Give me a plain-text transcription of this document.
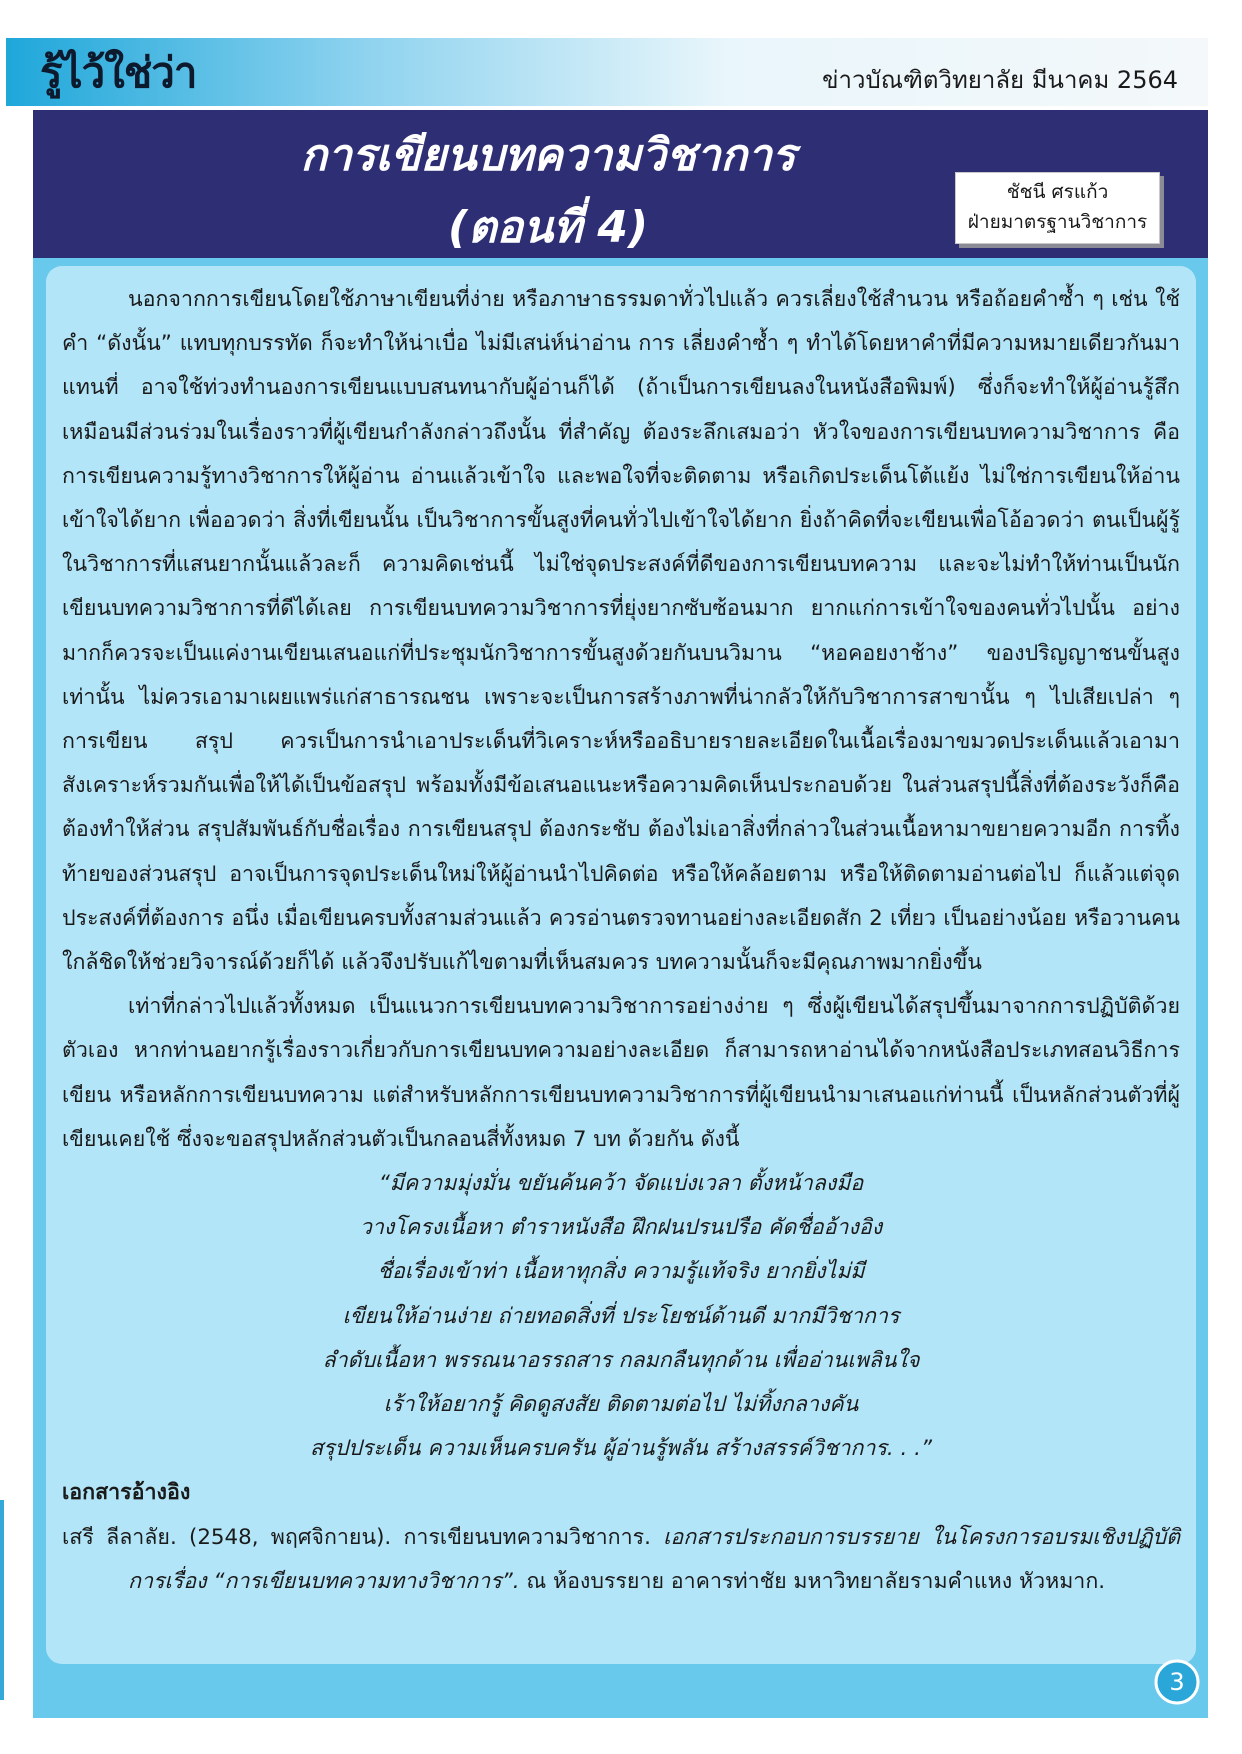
รู้ไว้ใช่ว่า	ข่าวบัณฑิตวิทยาลัย มีนาคม 2564
การเขียนบทความวิชาการ
(ตอนที่ 4)
ชัชนี ศรแก้ว
ฝ่ายมาตรฐานวิชาการ

นอกจากการเขียนโดยใช้ภาษาเขียนที่ง่าย หรือภาษาธรรมดาทั่วไปแล้ว ควรเลี่ยงใช้สำนวน หรือถ้อยคำซ้ำ ๆ เช่น ใช้ คำ “ดังนั้น” แทบทุกบรรทัด ก็จะทำให้น่าเบื่อ ไม่มีเสน่ห์น่าอ่าน การ เลี่ยงคำซ้ำ ๆ ทำได้โดยหาคำที่มีความหมายเดียวกันมาแทนที่ อาจใช้ท่วงทำนองการเขียนแบบสนทนากับผู้อ่านก็ได้ (ถ้าเป็นการเขียนลงในหนังสือพิมพ์) ซึ่งก็จะทำให้ผู้อ่านรู้สึกเหมือนมีส่วนร่วมในเรื่องราวที่ผู้เขียนกำลังกล่าวถึงนั้น ที่สำคัญ ต้องระลึกเสมอว่า หัวใจของการเขียนบทความวิชาการ คือ การเขียนความรู้ทางวิชาการให้ผู้อ่าน อ่านแล้วเข้าใจ และพอใจที่จะติดตาม หรือเกิดประเด็นโต้แย้ง ไม่ใช่การเขียนให้อ่านเข้าใจได้ยาก เพื่ออวดว่า สิ่งที่เขียนนั้น เป็นวิชาการขั้นสูงที่คนทั่วไปเข้าใจได้ยาก ยิ่งถ้าคิดที่จะเขียนเพื่อโอ้อวดว่า ตนเป็นผู้รู้ในวิชาการที่แสนยากนั้นแล้วละก็ ความคิดเช่นนี้ ไม่ใช่จุดประสงค์ที่ดีของการเขียนบทความ และจะไม่ทำให้ท่านเป็นนักเขียนบทความวิชาการที่ดีได้เลย การเขียนบทความวิชาการที่ยุ่งยากซับซ้อนมาก ยากแก่การเข้าใจของคนทั่วไปนั้น อย่างมากก็ควรจะเป็นแค่งานเขียนเสนอแก่ที่ประชุมนักวิชาการขั้นสูงด้วยกันบนวิมาน “หอคอยงาช้าง” ของปริญญาชนขั้นสูงเท่านั้น ไม่ควรเอามาเผยแพร่แก่สาธารณชน เพราะจะเป็นการสร้างภาพที่น่ากลัวให้กับวิชาการสาขานั้น ๆ ไปเสียเปล่า ๆ การเขียน สรุป ควรเป็นการนำเอาประเด็นที่วิเคราะห์หรืออธิบายรายละเอียดในเนื้อเรื่องมาขมวดประเด็นแล้วเอามาสังเคราะห์รวมกันเพื่อให้ได้เป็นข้อสรุป พร้อมทั้งมีข้อเสนอแนะหรือความคิดเห็นประกอบด้วย ในส่วนสรุปนี้สิ่งที่ต้องระวังก็คือ ต้องทำให้ส่วน สรุปสัมพันธ์กับชื่อเรื่อง การเขียนสรุป ต้องกระชับ ต้องไม่เอาสิ่งที่กล่าวในส่วนเนื้อหามาขยายความอีก การทิ้งท้ายของส่วนสรุป อาจเป็นการจุดประเด็นใหม่ให้ผู้อ่านนำไปคิดต่อ หรือให้คล้อยตาม หรือให้ติดตามอ่านต่อไป ก็แล้วแต่จุดประสงค์ที่ต้องการ อนึ่ง เมื่อเขียนครบทั้งสามส่วนแล้ว ควรอ่านตรวจทานอย่างละเอียดสัก 2 เที่ยว เป็นอย่างน้อย หรือวานคนใกล้ชิดให้ช่วยวิจารณ์ด้วยก็ได้ แล้วจึงปรับแก้ไขตามที่เห็นสมควร บทความนั้นก็จะมีคุณภาพมากยิ่งขึ้น

เท่าที่กล่าวไปแล้วทั้งหมด เป็นแนวการเขียนบทความวิชาการอย่างง่าย ๆ ซึ่งผู้เขียนได้สรุปขึ้นมาจากการปฏิบัติด้วยตัวเอง หากท่านอยากรู้เรื่องราวเกี่ยวกับการเขียนบทความอย่างละเอียด ก็สามารถหาอ่านได้จากหนังสือประเภทสอนวิธีการเขียน หรือหลักการเขียนบทความ แต่สำหรับหลักการเขียนบทความวิชาการที่ผู้เขียนนำมาเสนอแก่ท่านนี้ เป็นหลักส่วนตัวที่ผู้เขียนเคยใช้ ซึ่งจะขอสรุปหลักส่วนตัวเป็นกลอนสี่ทั้งหมด 7 บท ด้วยกัน ดังนี้

“มีความมุ่งมั่น ขยันค้นคว้า จัดแบ่งเวลา ตั้งหน้าลงมือ
วางโครงเนื้อหา ตำราหนังสือ ฝึกฝนปรนปรือ คัดชื่ออ้างอิง
ชื่อเรื่องเข้าท่า เนื้อหาทุกสิ่ง ความรู้แท้จริง ยากยิ่งไม่มี
เขียนให้อ่านง่าย ถ่ายทอดสิ่งที่ ประโยชน์ด้านดี มากมีวิชาการ
ลำดับเนื้อหา พรรณนาอรรถสาร กลมกลืนทุกด้าน เพื่ออ่านเพลินใจ
เร้าให้อยากรู้ คิดดูสงสัย ติดตามต่อไป ไม่ทิ้งกลางคัน
สรุปประเด็น ความเห็นครบครัน ผู้อ่านรู้พลัน สร้างสรรค์วิชาการ. . .”

เอกสารอ้างอิง

เสรี ลีลาลัย. (2548, พฤศจิกายน). การเขียนบทความวิชาการ. เอกสารประกอบการบรรยาย ในโครงการอบรมเชิงปฏิบัติการเรื่อง “การเขียนบทความทางวิชาการ”. ณ ห้องบรรยาย อาคารท่าชัย มหาวิทยาลัยรามคำแหง หัวหมาก.

3
